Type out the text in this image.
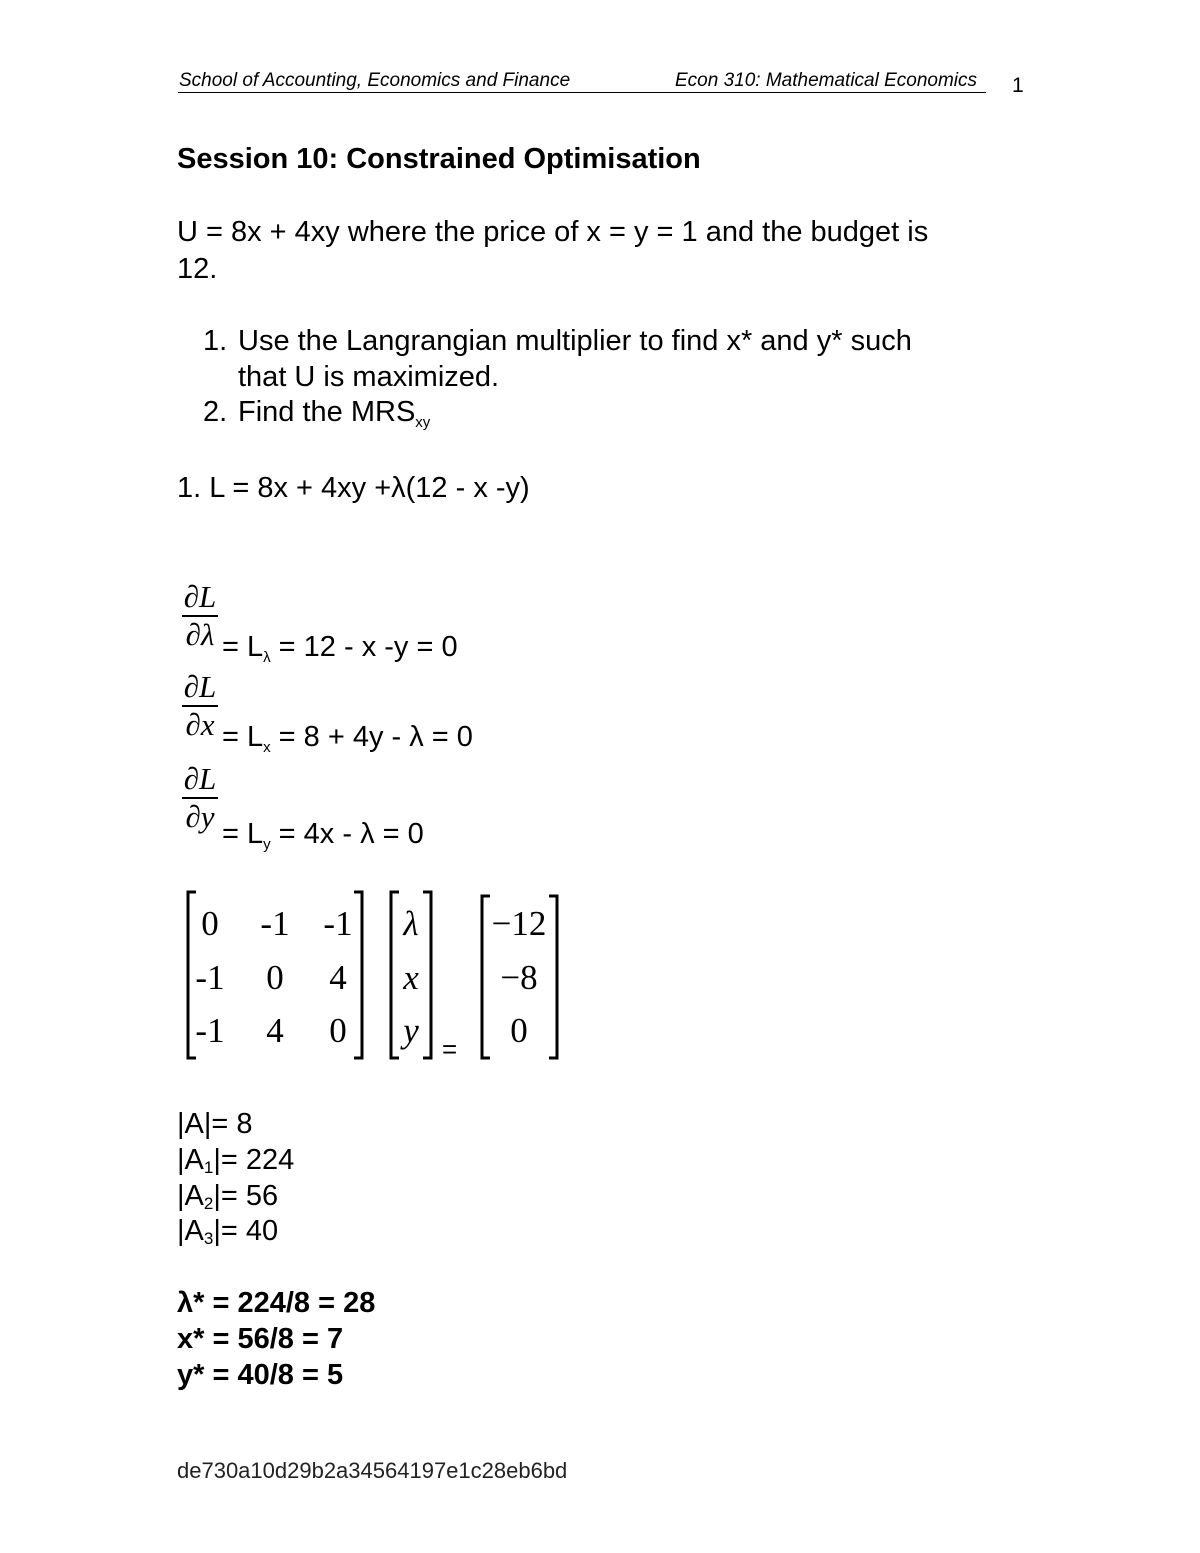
School of Accounting, Economics and Finance	Econ 310: Mathematical Economics 1
Session 10: Constrained Optimisation
U = 8x + 4xy where the price of x = y = 1 and the budget is
12.
1. Use the Langrangian multiplier to find x* and y* such
that U is maximized.
2. Find the $MRS_{xy}$
1. L = 8x + 4xy +λ(12 - x -y)
∂L
$\partial\lambda = L_\lambda = 12 - x$ -y = 0
∂L
$\partial x = L_x = 8 + 4y - \lambda = 0$
∂L
$\partial y = L_y = 4x - \lambda = 0$
0	-1 -1
-1	0	4
-1	4	0
λ
x
y =
−12
−8
0
|A|= 8
|A1|= 224
|A2|= 56
|A3|= 40
λ* = 224/8 = 28
x* = 56/8 = 7
y* = 40/8 = 5
de730a10d29b2a34564197e1c28eb6bd
